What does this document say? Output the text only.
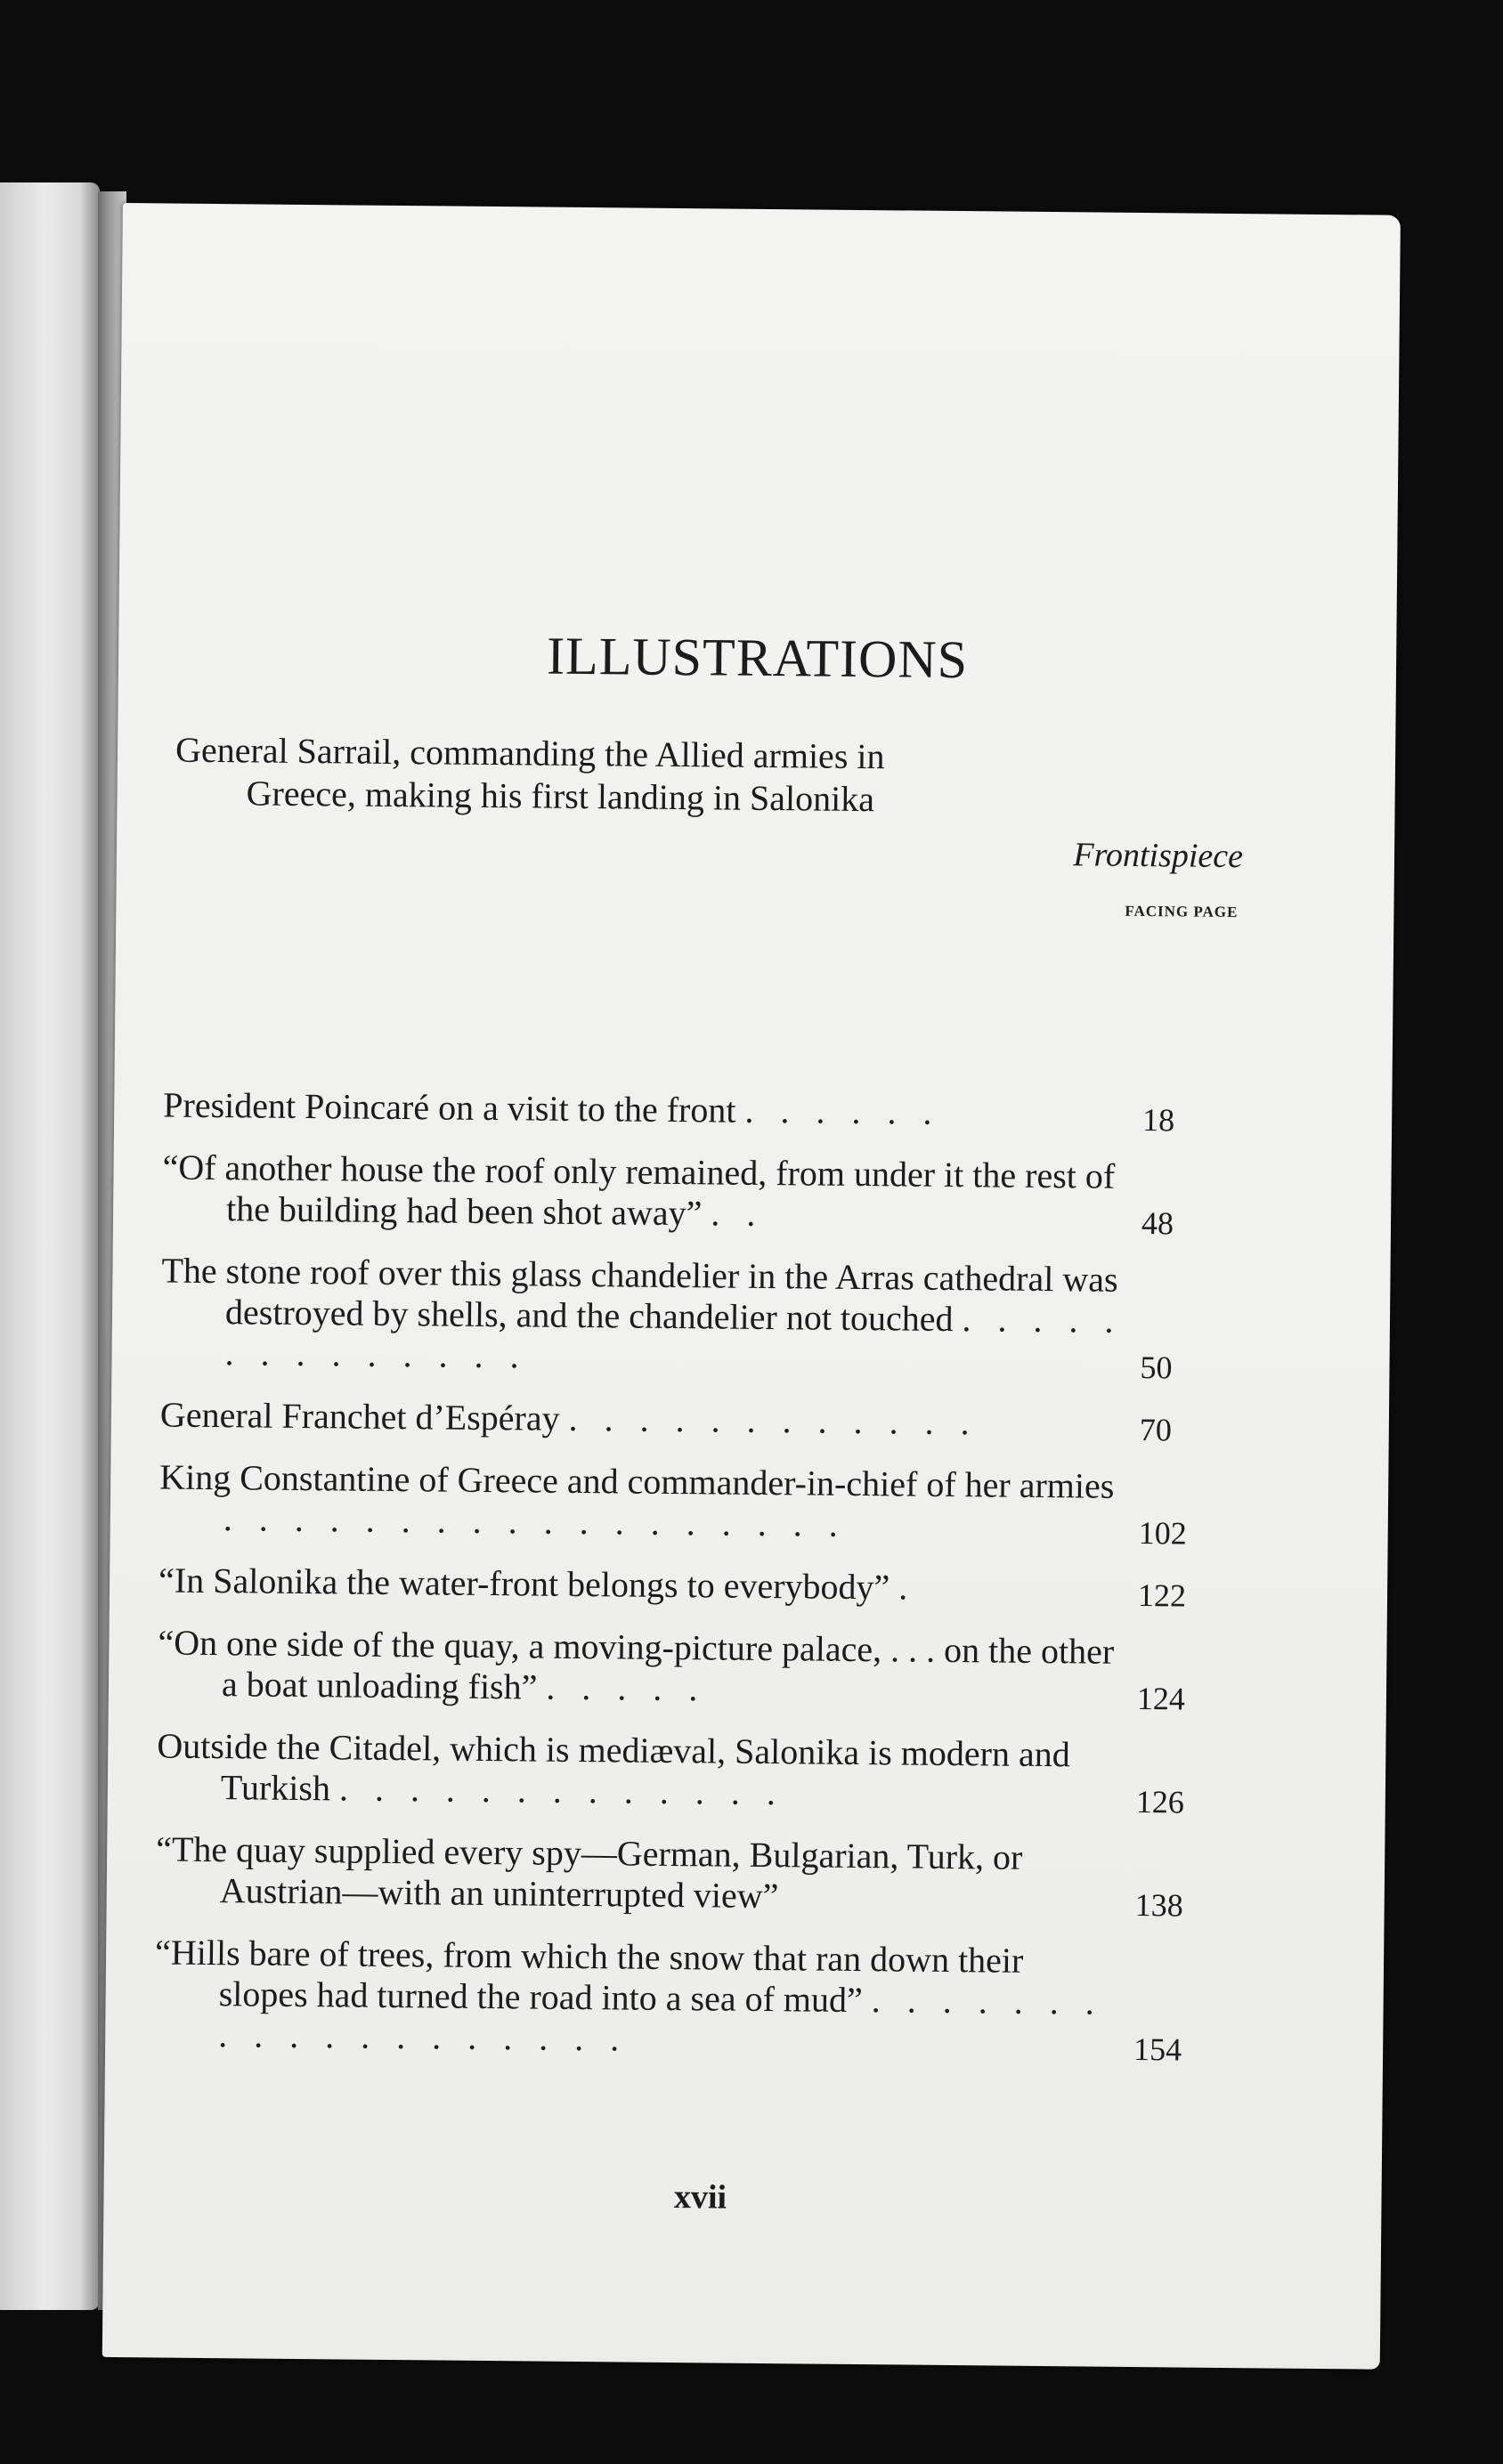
ILLUSTRATIONS
General Sarrail, commanding the Allied armies in
Greece, making his first landing in Salonika
Frontispiece
FACING PAGE
President Poincaré on a visit to the front . . . . . .	18
“Of another house the roof only remained, from under it the rest of the building had been shot away” . .	48
The stone roof over this glass chandelier in the Arras cathedral was destroyed by shells, and the chandelier not touched . . . . . . . . . . . . . .	50
General Franchet d’Espéray . . . . . . . . . . . .	70
King Constantine of Greece and commander-in-chief of her armies . . . . . . . . . . . . . . . . . .	102
“In Salonika the water-front belongs to everybody” .	122
“On one side of the quay, a moving-picture palace, . . . on the other a boat unloading fish” . . . . .	124
Outside the Citadel, which is mediæval, Salonika is modern and Turkish . . . . . . . . . . . . .	126
“The quay supplied every spy—German, Bulgarian, Turk, or Austrian—with an uninterrupted view”	138
“Hills bare of trees, from which the snow that ran down their slopes had turned the road into a sea of mud” . . . . . . . . . . . . . . . . . . .	154
xvii
